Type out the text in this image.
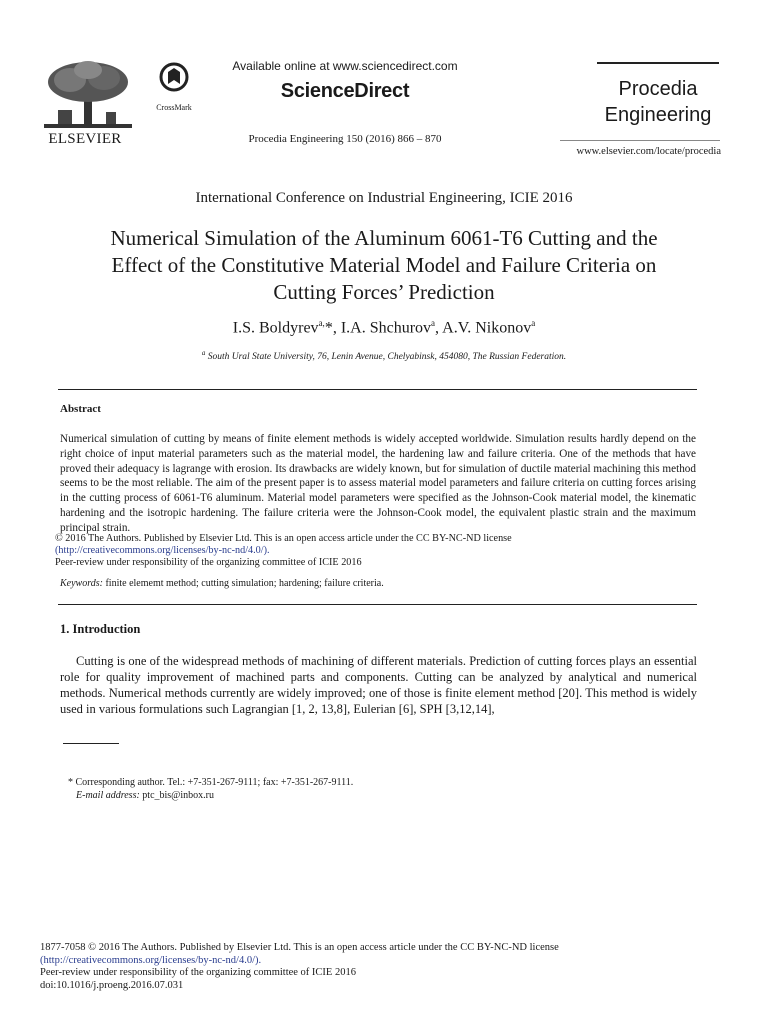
ELSEVIER
CrossMark
Available online at www.sciencedirect.com
ScienceDirect
Procedia Engineering 150 (2016) 866 – 870
Procedia
Engineering
www.elsevier.com/locate/procedia
International Conference on Industrial Engineering, ICIE 2016
Numerical Simulation of the Aluminum 6061-T6 Cutting and the
Effect of the Constitutive Material Model and Failure Criteria on
Cutting Forces’ Prediction
I.S. Boldyrev$^{a,}$*, I.A. Shchurov$^a$, A.V. Nikonov$^a$
$^a$ South Ural State University, 76, Lenin Avenue, Chelyabinsk, 454080, The Russian Federation.
Abstract
Numerical simulation of cutting by means of finite element methods is widely accepted worldwide. Simulation results hardly depend on the right choice of input material parameters such as the material model, the hardening law and failure criteria. One of the methods that have proved their adequacy is lagrange with erosion. Its drawbacks are widely known, but for simulation of ductile material machining this method seems to be the most reliable. The aim of the present paper is to assess material model parameters and failure criteria on cutting forces arising in the cutting process of 6061-T6 aluminum. Material model parameters were specified as the Johnson-Cook material model, the kinematic hardening and the isotropic hardening. The failure criteria were the Johnson-Cook model, the equivalent plastic strain and the maximum principal strain.
© 2016 The Authors. Published by Elsevier Ltd. This is an open access article under the CC BY-NC-ND license
(http://creativecommons.org/licenses/by-nc-nd/4.0/).
Peer-review under responsibility of the organizing committee of ICIE 2016
Keywords: finite elememt method; cutting simulation; hardening; failure criteria.
1. Introduction
Cutting is one of the widespread methods of machining of different materials. Prediction of cutting forces plays an essential role for quality improvement of machined parts and components. Cutting can be analyzed by analytical and numerical methods. Numerical methods currently are widely improved; one of those is finite element method [20]. This method is widely used in various formulations such Lagrangian [1, 2, 13,8], Eulerian [6], SPH [3,12,14],
* Corresponding author. Tel.: +7-351-267-9111; fax: +7-351-267-9111.
E-mail address: ptc_bis@inbox.ru
1877-7058 © 2016 The Authors. Published by Elsevier Ltd. This is an open access article under the CC BY-NC-ND license
(http://creativecommons.org/licenses/by-nc-nd/4.0/).
Peer-review under responsibility of the organizing committee of ICIE 2016
doi:10.1016/j.proeng.2016.07.031
